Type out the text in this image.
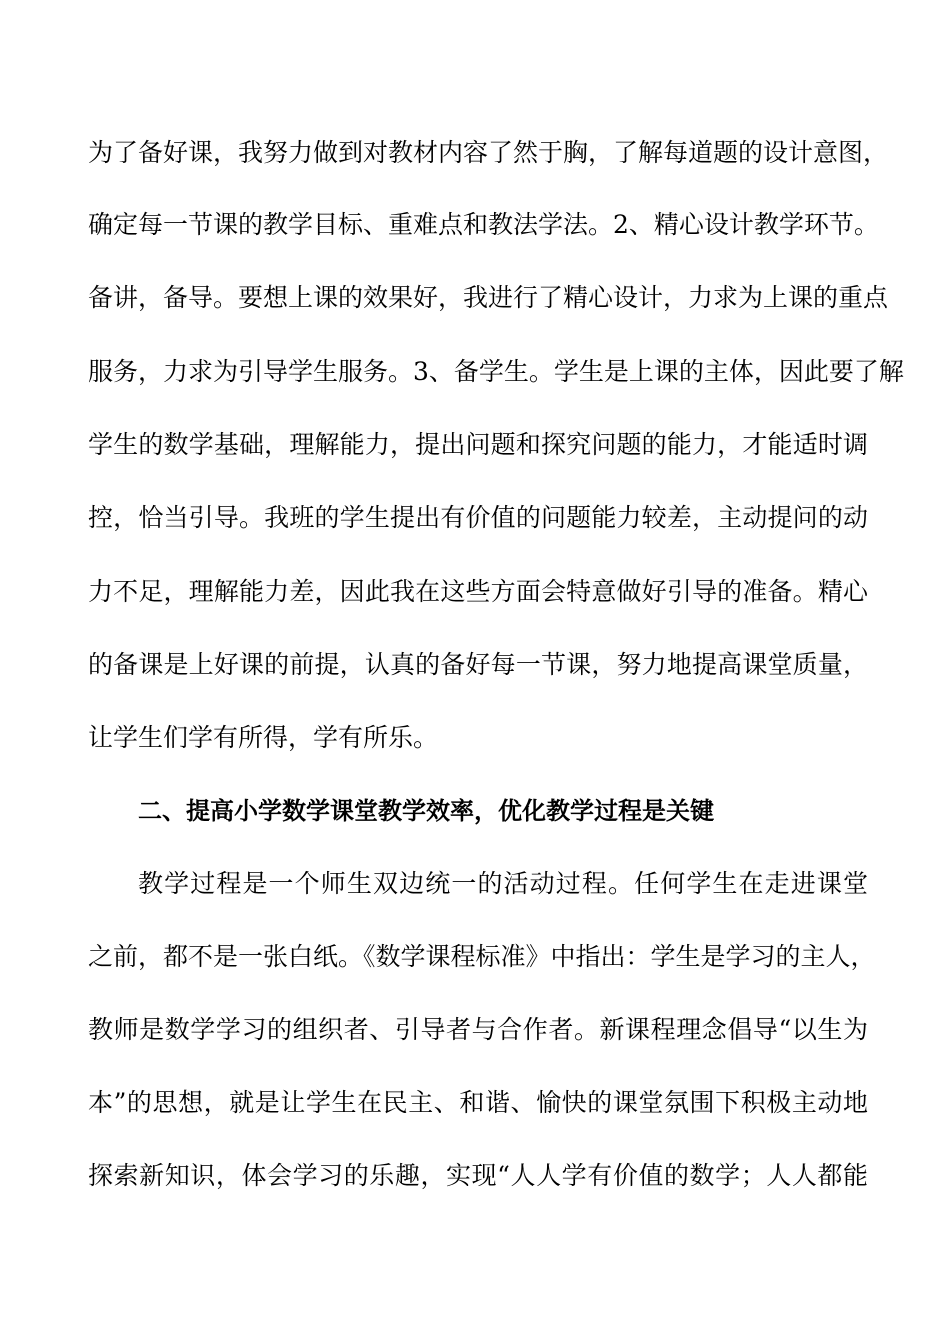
为了备好课，我努力做到对教材内容了然于胸，了解每道题的设计意图，
确定每一节课的教学目标、重难点和教法学法。2、精心设计教学环节。
备讲，备导。要想上课的效果好，我进行了精心设计，力求为上课的重点
服务，力求为引导学生服务。3、备学生。学生是上课的主体，因此要了解
学生的数学基础，理解能力，提出问题和探究问题的能力，才能适时调
控，恰当引导。我班的学生提出有价值的问题能力较差，主动提问的动
力不足，理解能力差，因此我在这些方面会特意做好引导的准备。精心
的备课是上好课的前提，认真的备好每一节课，努力地提高课堂质量，
让学生们学有所得，学有所乐。
二、提高小学数学课堂教学效率，优化教学过程是关键
教学过程是一个师生双边统一的活动过程。任何学生在走进课堂
之前，都不是一张白纸。《数学课程标准》中指出：学生是学习的主人，
教师是数学学习的组织者、引导者与合作者。新课程理念倡导“以生为
本”的思想，就是让学生在民主、和谐、愉快的课堂氛围下积极主动地
探索新知识，体会学习的乐趣，实现“人人学有价值的数学；人人都能
